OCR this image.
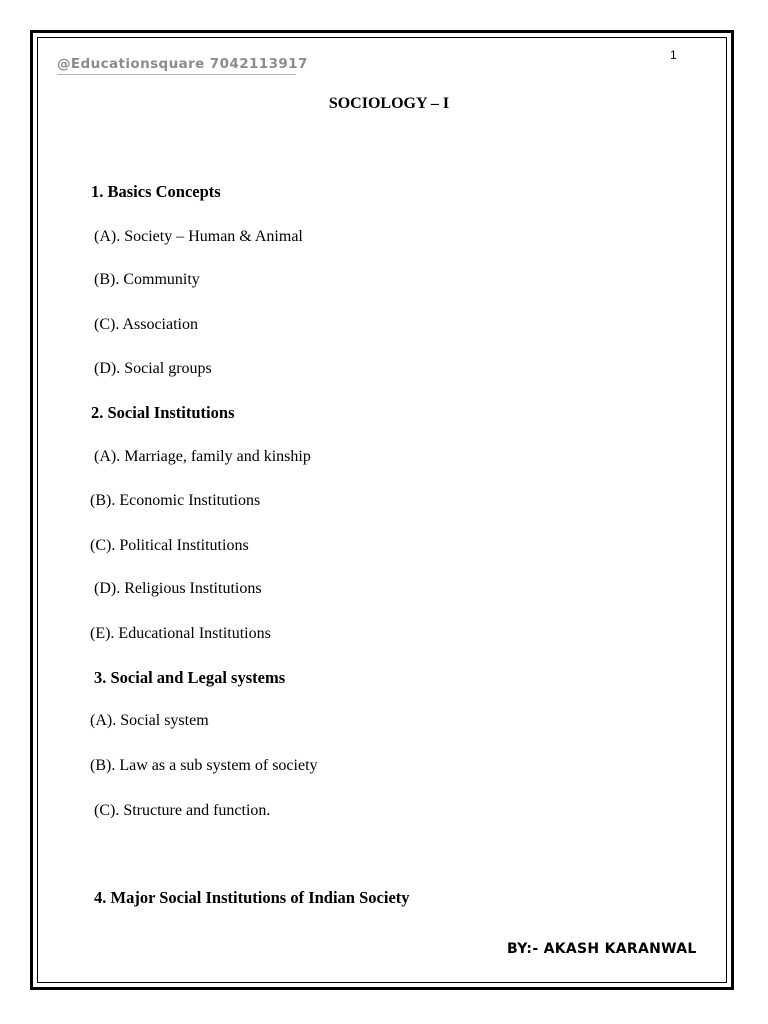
@Educationsquare 7042113917
1
SOCIOLOGY – I
1. Basics Concepts
(A). Society – Human & Animal
(B). Community
(C). Association
(D). Social groups
2. Social Institutions
(A). Marriage, family and kinship
(B). Economic Institutions
(C). Political Institutions
(D). Religious Institutions
(E). Educational Institutions
3. Social and Legal systems
(A). Social system
(B). Law as a sub system of society
(C). Structure and function.
4. Major Social Institutions of Indian Society
BY:- AKASH KARANWAL
